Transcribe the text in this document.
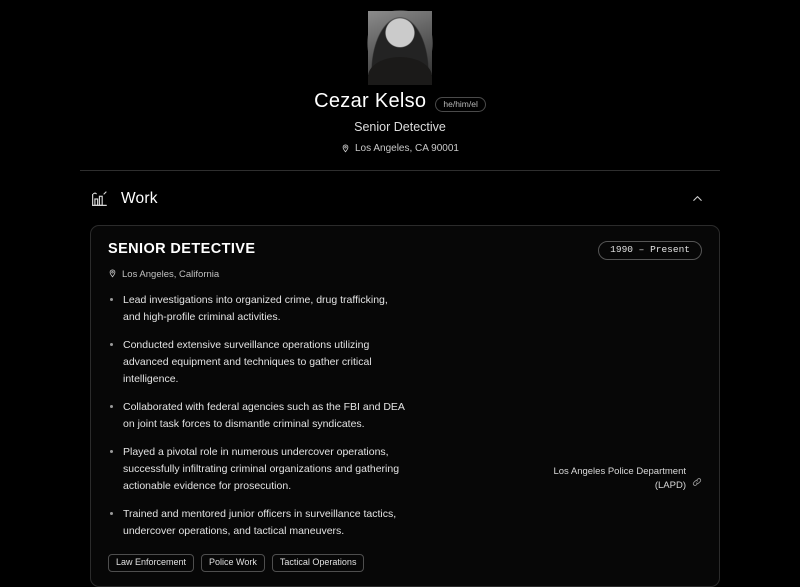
Cezar Kelso	he/him/el
Senior Detective
Los Angeles, CA 90001
Work
SENIOR DETECTIVE	1990 – Present
Los Angeles, California
Lead investigations into organized crime, drug trafficking, and high-profile criminal activities.
Conducted extensive surveillance operations utilizing advanced equipment and techniques to gather critical intelligence.
Collaborated with federal agencies such as the FBI and DEA on joint task forces to dismantle criminal syndicates.
Played a pivotal role in numerous undercover operations, successfully infiltrating criminal organizations and gathering actionable evidence for prosecution.
Trained and mentored junior officers in surveillance tactics, undercover operations, and tactical maneuvers.
Los Angeles Police Department
(LAPD)
Law Enforcement	Police Work	Tactical Operations
